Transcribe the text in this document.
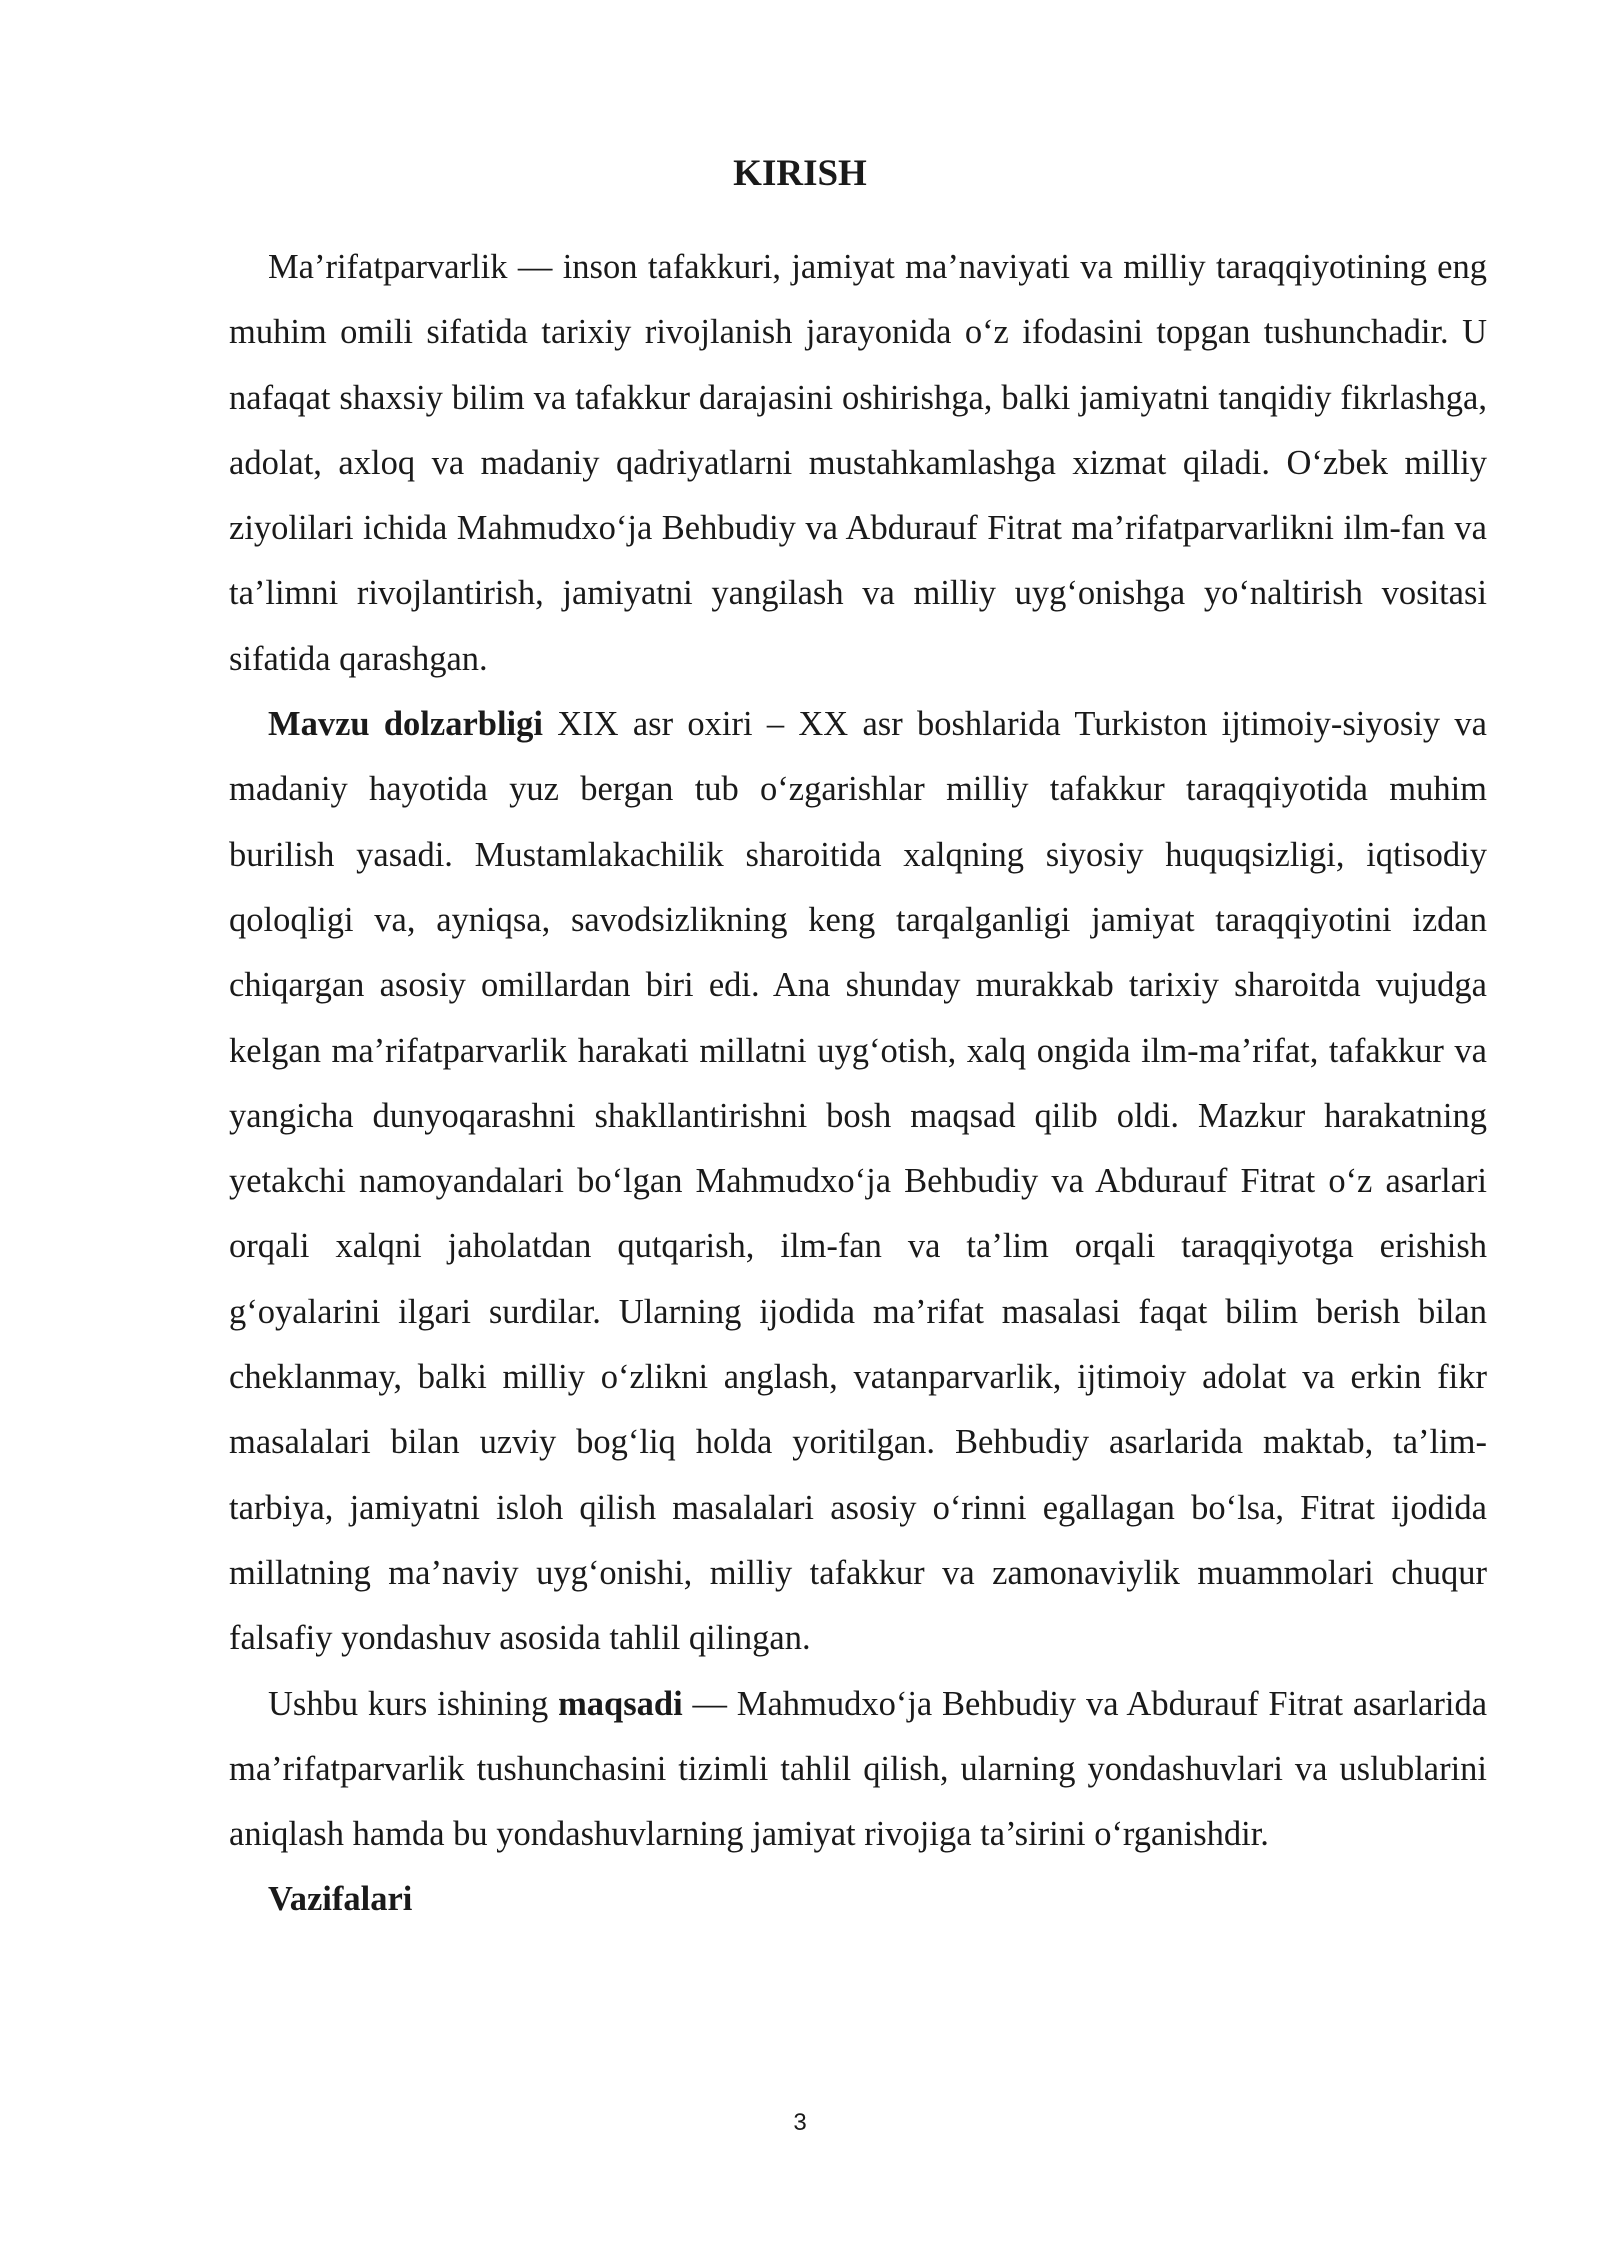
KIRISH

Ma’rifatparvarlik — inson tafakkuri, jamiyat ma’naviyati va milliy taraqqiyotining eng muhim omili sifatida tarixiy rivojlanish jarayonida o‘z ifodasini topgan tushunchadir. U nafaqat shaxsiy bilim va tafakkur darajasini oshirishga, balki jamiyatni tanqidiy fikrlashga, adolat, axloq va madaniy qadriyatlarni mustahkamlashga xizmat qiladi. O‘zbek milliy ziyolilari ichida Mahmudxo‘ja Behbudiy va Abdurauf Fitrat ma’rifatparvarlikni ilm-fan va ta’limni rivojlantirish, jamiyatni yangilash va milliy uyg‘onishga yo‘naltirish vositasi sifatida qarashgan.

Mavzu dolzarbligi XIX asr oxiri – XX asr boshlarida Turkiston ijtimoiy-siyosiy va madaniy hayotida yuz bergan tub o‘zgarishlar milliy tafakkur taraqqiyotida muhim burilish yasadi. Mustamlakachilik sharoitida xalqning siyosiy huquqsizligi, iqtisodiy qoloqligi va, ayniqsa, savodsizlikning keng tarqalganligi jamiyat taraqqiyotini izdan chiqargan asosiy omillardan biri edi. Ana shunday murakkab tarixiy sharoitda vujudga kelgan ma’rifatparvarlik harakati millatni uyg‘otish, xalq ongida ilm-ma’rifat, tafakkur va yangicha dunyoqarashni shakllantirishni bosh maqsad qilib oldi. Mazkur harakatning yetakchi namoyandalari bo‘lgan Mahmudxo‘ja Behbudiy va Abdurauf Fitrat o‘z asarlari orqali xalqni jaholatdan qutqarish, ilm-fan va ta’lim orqali taraqqiyotga erishish g‘oyalarini ilgari surdilar. Ularning ijodida ma’rifat masalasi faqat bilim berish bilan cheklanmay, balki milliy o‘zlikni anglash, vatanparvarlik, ijtimoiy adolat va erkin fikr masalalari bilan uzviy bog‘liq holda yoritilgan. Behbudiy asarlarida maktab, ta’lim-tarbiya, jamiyatni isloh qilish masalalari asosiy o‘rinni egallagan bo‘lsa, Fitrat ijodida millatning ma’naviy uyg‘onishi, milliy tafakkur va zamonaviylik muammolari chuqur falsafiy yondashuv asosida tahlil qilingan.

Ushbu kurs ishining maqsadi — Mahmudxo‘ja Behbudiy va Abdurauf Fitrat asarlarida ma’rifatparvarlik tushunchasini tizimli tahlil qilish, ularning yondashuvlari va uslublarini aniqlash hamda bu yondashuvlarning jamiyat rivojiga ta’sirini o‘rganishdir.

Vazifalari

3
